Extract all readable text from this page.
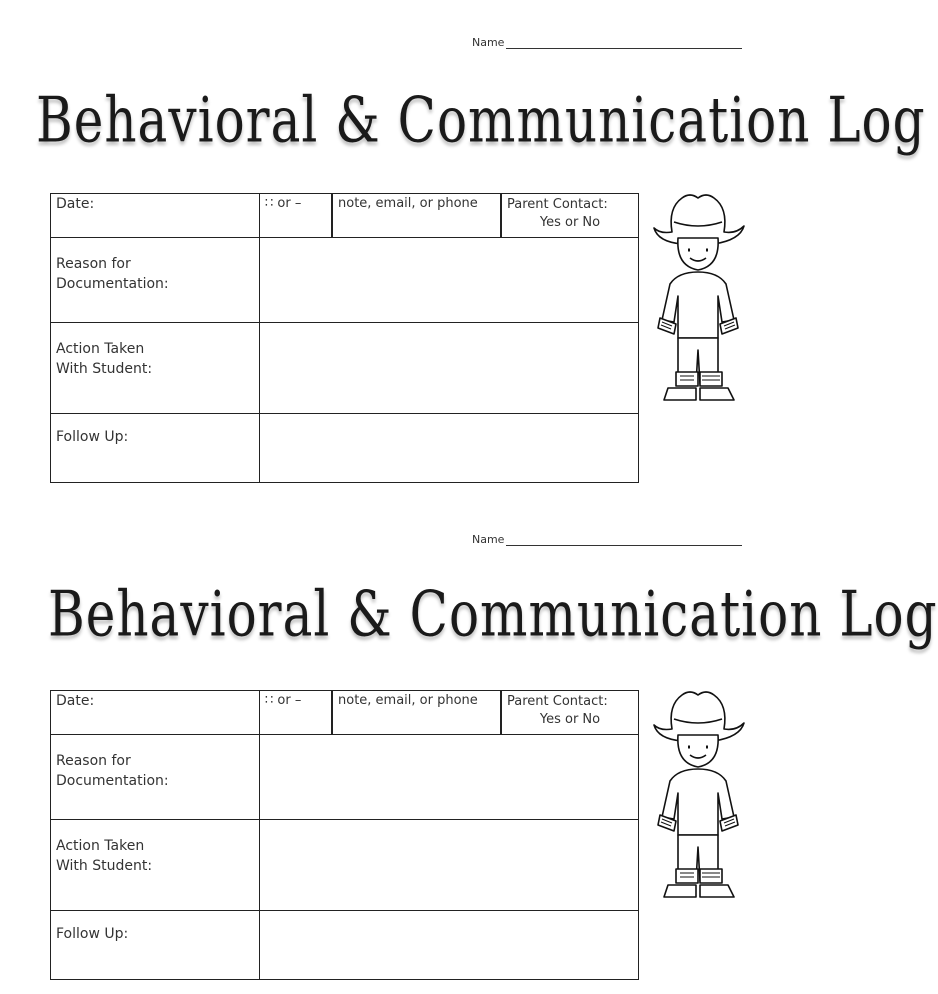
Name
Behavioral & Communication Log
Date:	∷ or –	note, email, or phone	Parent Contact:
Yes or No

Reason for
Documentation:			

Action Taken
With Student:			

Follow Up:			
Name
Behavioral & Communication Log
Date:	∷ or –	note, email, or phone	Parent Contact:
Yes or No

Reason for
Documentation:			

Action Taken
With Student:			

Follow Up:			
